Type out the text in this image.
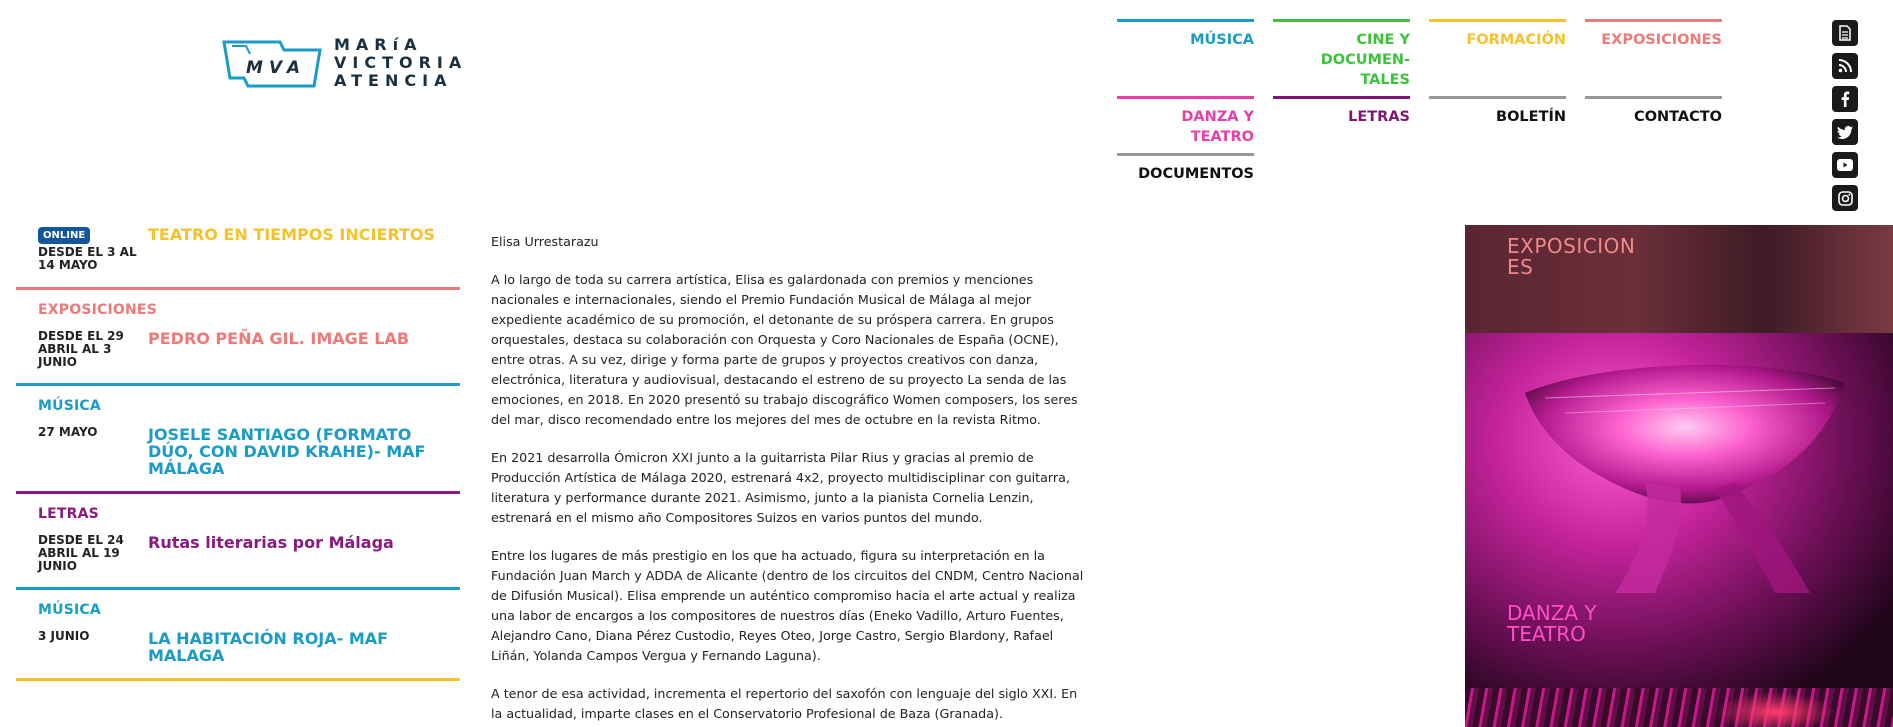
MVA
MARíA
VICTORIA
ATENCIA
MÚSICA	CINE Y DOCUMEN-
TALES
FORMACIÓN	EXPOSICIONES
DANZA Y TEATRO
LETRAS	BOLETÍN	CONTACTO
DOCUMENTOS
ONLINE
DESDE EL 3 AL 14 MAYO
TEATRO EN TIEMPOS INCIERTOS
EXPOSICIONES
DESDE EL 29 ABRIL AL 3 JUNIO
PEDRO PEÑA GIL. IMAGE LAB
MÚSICA
27 MAYO	JOSELE SANTIAGO (FORMATO DÚO, CON DAVID KRAHE)- MAF MÁLAGA
LETRAS
DESDE EL 24 ABRIL AL 19 JUNIO
Rutas literarias por Málaga
MÚSICA
3 JUNIO	LA HABITACIÓN ROJA- MAF MALAGA
Elisa Urrestarazu

A lo largo de toda su carrera artística, Elisa es galardonada con premios y menciones nacionales e internacionales, siendo el Premio Fundación Musical de Málaga al mejor expediente académico de su promoción, el detonante de su próspera carrera. En grupos orquestales, destaca su colaboración con Orquesta y Coro Nacionales de España (OCNE), entre otras. A su vez, dirige y forma parte de grupos y proyectos creativos con danza, electrónica, literatura y audiovisual, destacando el estreno de su proyecto La senda de las emociones, en 2018. En 2020 presentó su trabajo discográfico Women composers, los seres del mar, disco recomendado entre los mejores del mes de octubre en la revista Ritmo.

En 2021 desarrolla Ómicron XXI junto a la guitarrista Pilar Rius y gracias al premio de Producción Artística de Málaga 2020, estrenará 4x2, proyecto multidisciplinar con guitarra, literatura y performance durante 2021. Asimismo, junto a la pianista Cornelia Lenzin, estrenará en el mismo año Compositores Suizos en varios puntos del mundo.

Entre los lugares de más prestigio en los que ha actuado, figura su interpretación en la Fundación Juan March y ADDA de Alicante (dentro de los circuitos del CNDM, Centro Nacional de Difusión Musical). Elisa emprende un auténtico compromiso hacia el arte actual y realiza una labor de encargos a los compositores de nuestros días (Eneko Vadillo, Arturo Fuentes, Alejandro Cano, Diana Pérez Custodio, Reyes Oteo, Jorge Castro, Sergio Blardony, Rafael Liñán, Yolanda Campos Vergua y Fernando Laguna).

A tenor de esa actividad, incrementa el repertorio del saxofón con lenguaje del siglo XXI. En la actualidad, imparte clases en el Conservatorio Profesional de Baza (Granada).

EXPOSICION
ES
DANZA Y
TEATRO
